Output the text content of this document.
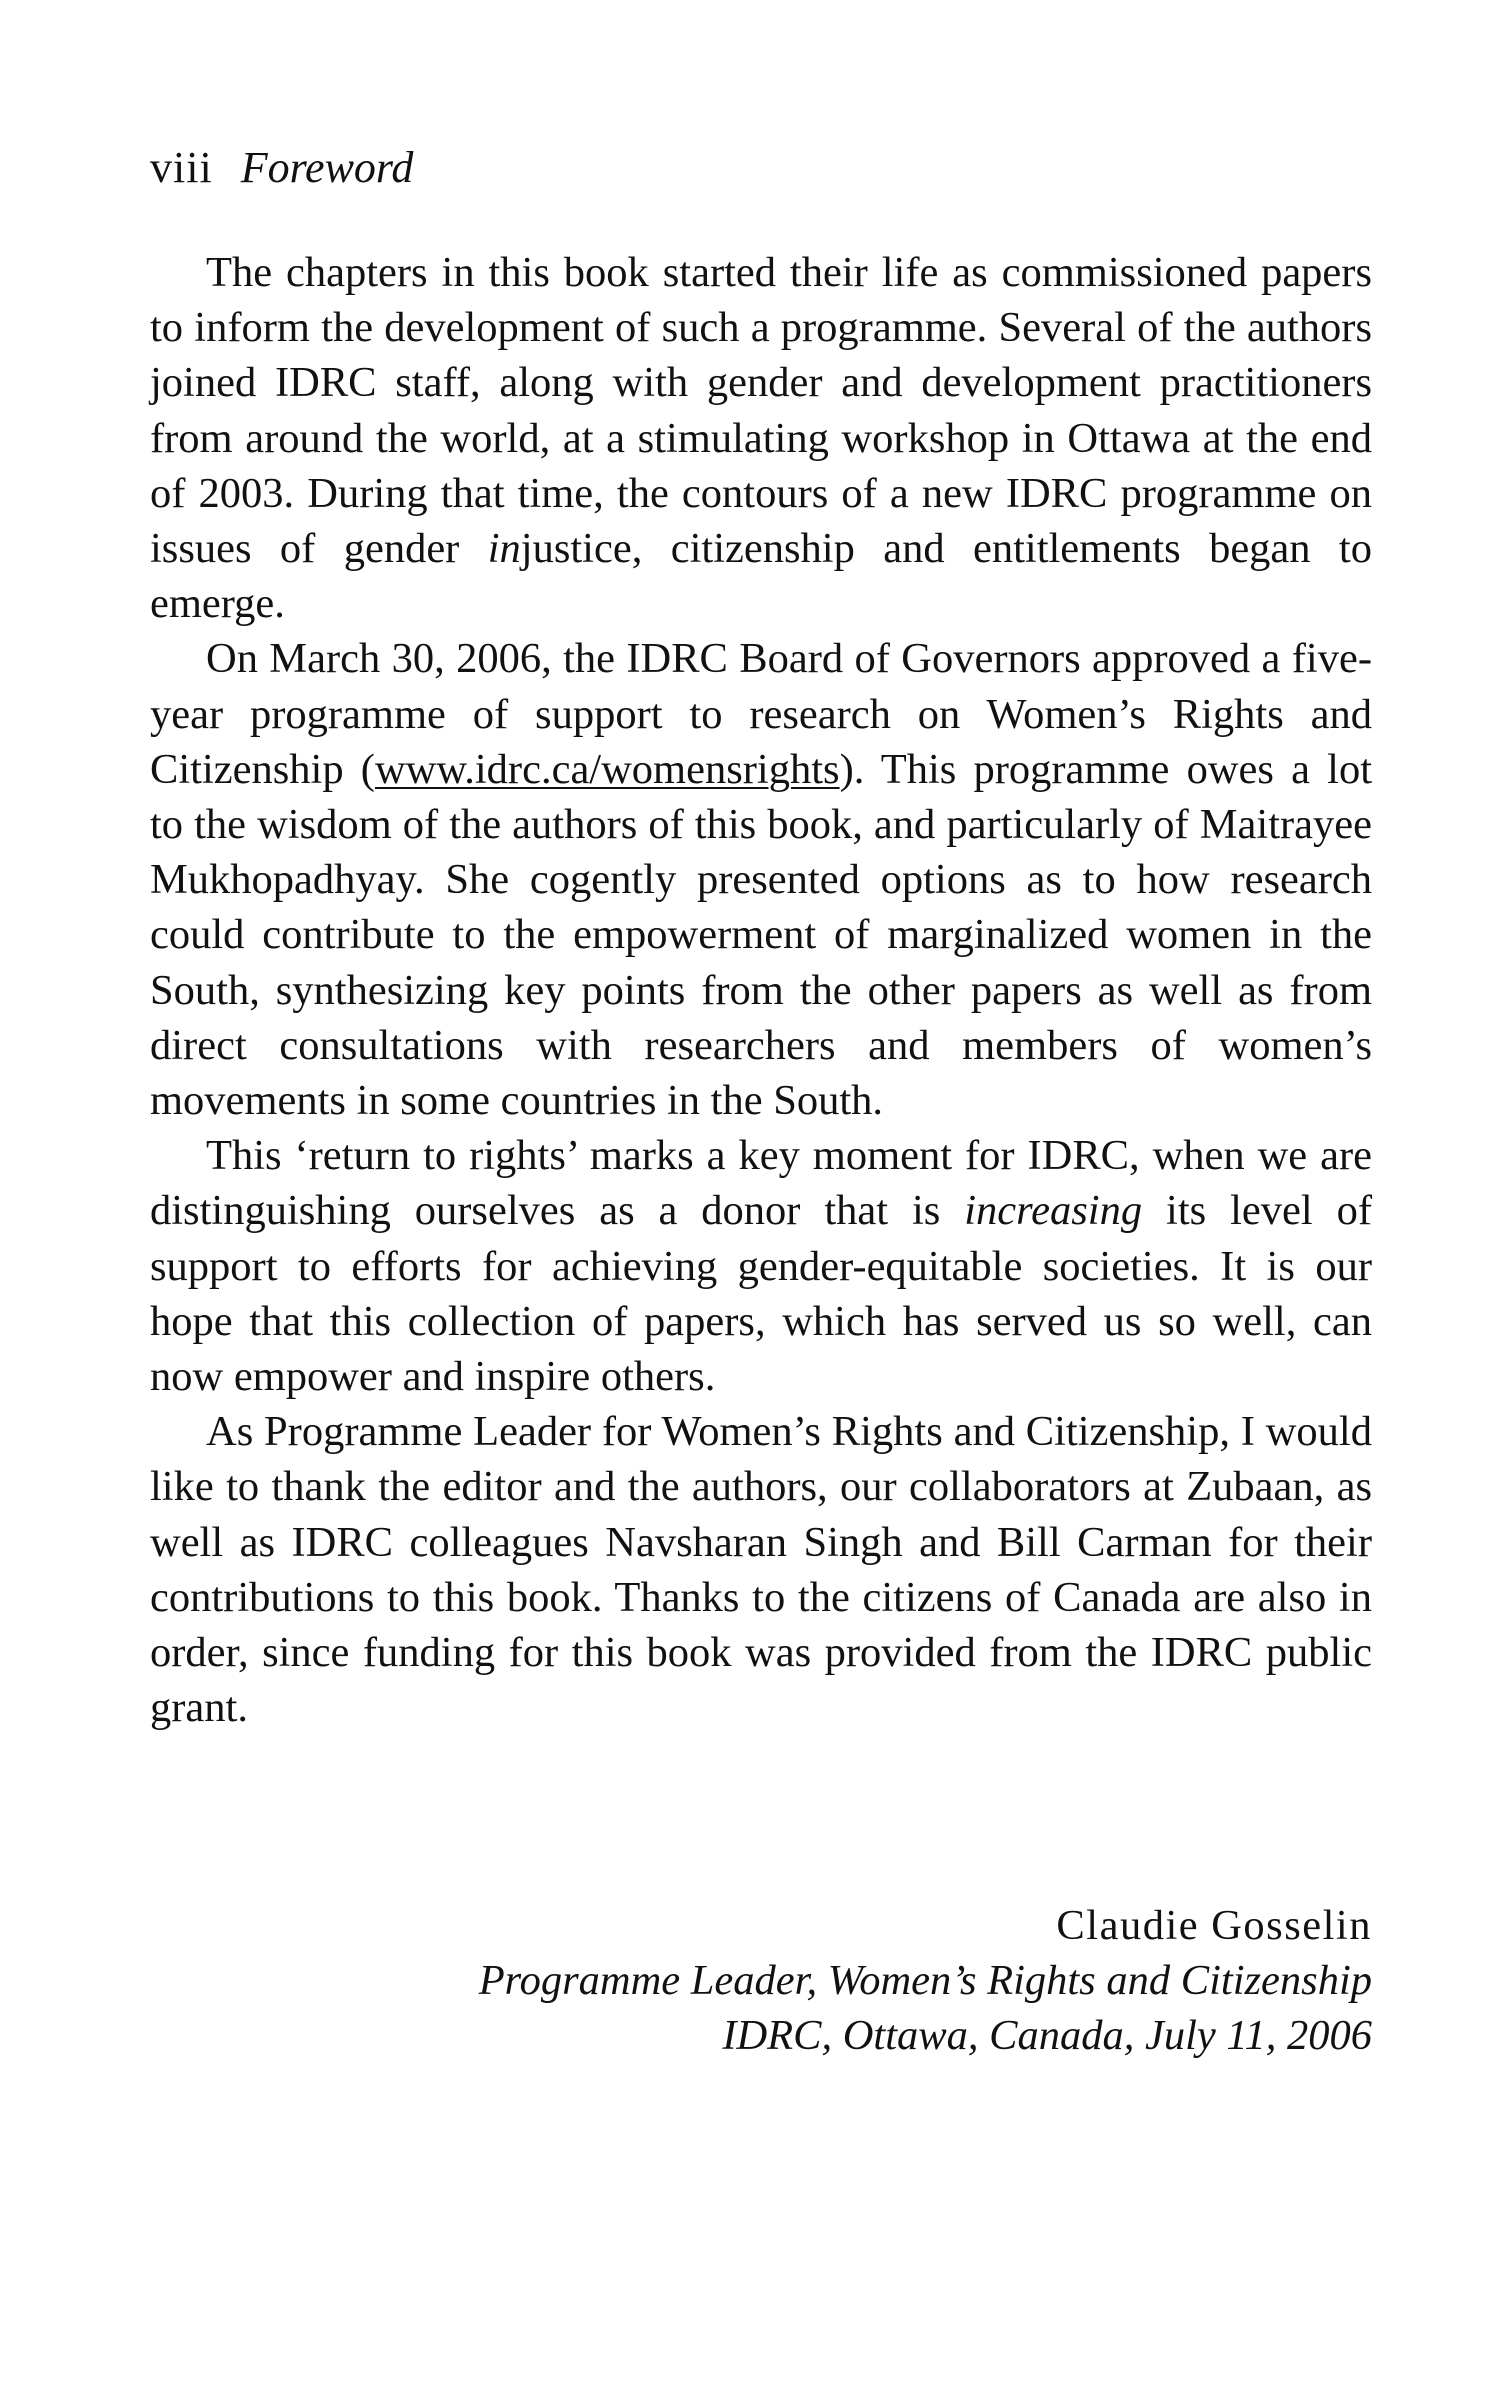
viii Foreword

The chapters in this book started their life as commissioned papers to inform the development of such a programme. Several of the authors joined IDRC staff, along with gender and development practitioners from around the world, at a stimulating workshop in Ottawa at the end of 2003. During that time, the contours of a new IDRC programme on issues of gender injustice, citizenship and entitlements began to emerge.

On March 30, 2006, the IDRC Board of Governors approved a five-year programme of support to research on Women’s Rights and Citizenship (www.idrc.ca/womensrights). This programme owes a lot to the wisdom of the authors of this book, and particularly of Maitrayee Mukhopadhyay. She cogently presented options as to how research could contribute to the empowerment of marginalized women in the South, synthesizing key points from the other papers as well as from direct consultations with researchers and members of women’s movements in some countries in the South.

This ‘return to rights’ marks a key moment for IDRC, when we are distinguishing ourselves as a donor that is increasing its level of support to efforts for achieving gender-equitable societies. It is our hope that this collection of papers, which has served us so well, can now empower and inspire others.

As Programme Leader for Women’s Rights and Citizenship, I would like to thank the editor and the authors, our collaborators at Zubaan, as well as IDRC colleagues Navsharan Singh and Bill Carman for their contributions to this book. Thanks to the citizens of Canada are also in order, since funding for this book was provided from the IDRC public grant.

Claudie Gosselin
Programme Leader, Women’s Rights and Citizenship
IDRC, Ottawa, Canada, July 11, 2006
